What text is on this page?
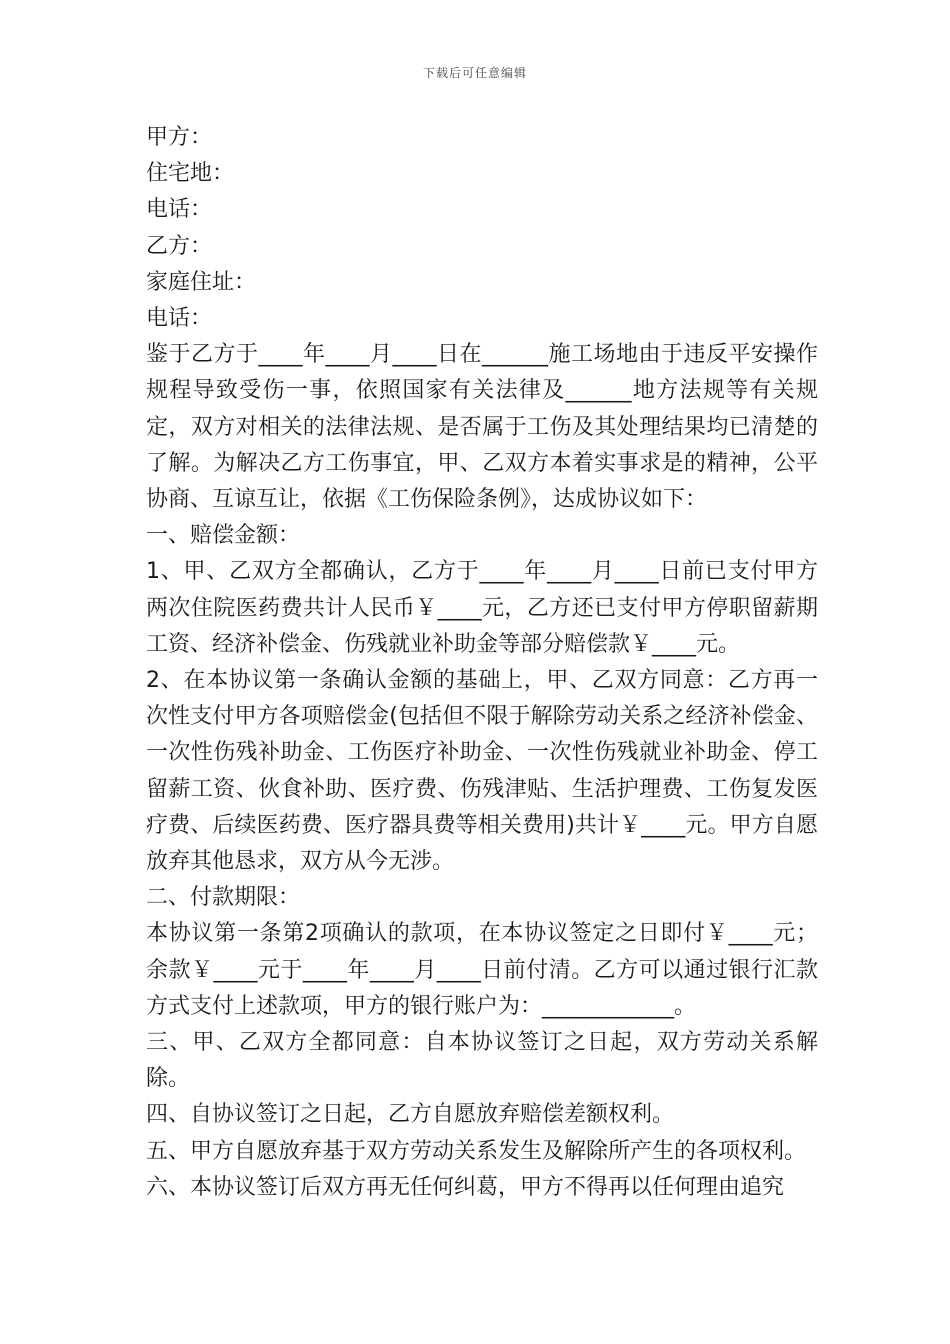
下载后可任意编辑

甲方：

住宅地：

电话：

乙方：

家庭住址：

电话：

鉴于乙方于____年____月____日在______施工场地由于违反平安操作规程导致受伤一事，依照国家有关法律及______地方法规等有关规定，双方对相关的法律法规、是否属于工伤及其处理结果均已清楚的了解。为解决乙方工伤事宜，甲、乙双方本着实事求是的精神，公平协商、互谅互让，依据《工伤保险条例》，达成协议如下：

一、赔偿金额：

1、甲、乙双方全都确认，乙方于____年____月____日前已支付甲方两次住院医药费共计人民币￥____元，乙方还已支付甲方停职留薪期工资、经济补偿金、伤残就业补助金等部分赔偿款￥____元。

2、在本协议第一条确认金额的基础上，甲、乙双方同意：乙方再一次性支付甲方各项赔偿金(包括但不限于解除劳动关系之经济补偿金、一次性伤残补助金、工伤医疗补助金、一次性伤残就业补助金、停工留薪工资、伙食补助、医疗费、伤残津贴、生活护理费、工伤复发医疗费、后续医药费、医疗器具费等相关费用)共计￥____元。甲方自愿放弃其他恳求，双方从今无涉。

二、付款期限：

本协议第一条第2项确认的款项，在本协议签定之日即付￥____元；余款￥____元于____年____月____日前付清。乙方可以通过银行汇款方式支付上述款项，甲方的银行账户为：____________。

三、甲、乙双方全都同意：自本协议签订之日起，双方劳动关系解除。

四、自协议签订之日起，乙方自愿放弃赔偿差额权利。

五、甲方自愿放弃基于双方劳动关系发生及解除所产生的各项权利。

六、本协议签订后双方再无任何纠葛，甲方不得再以任何理由追究
